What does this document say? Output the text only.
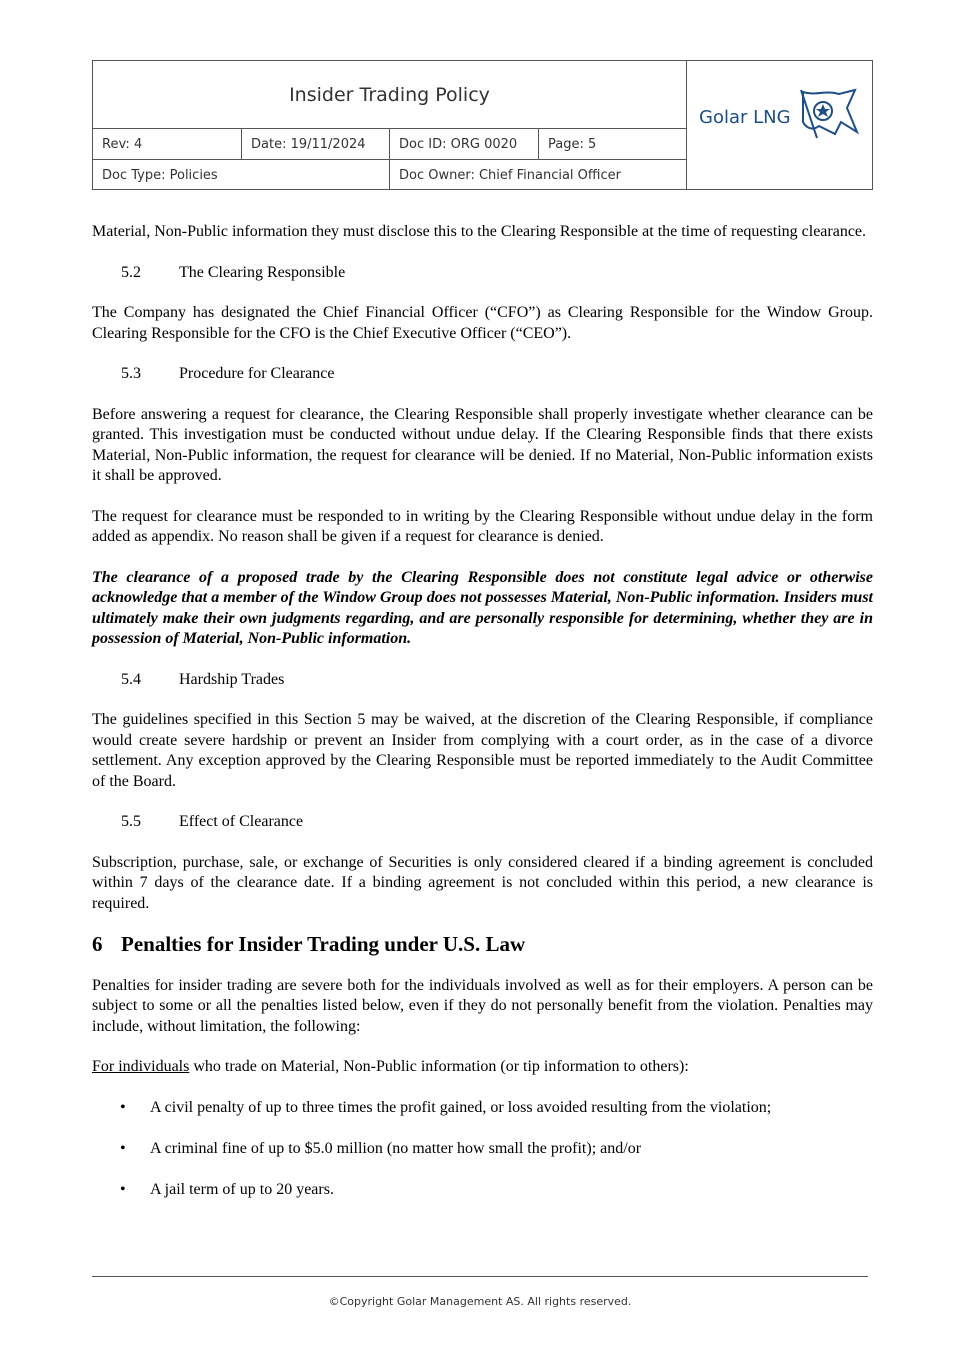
Insider Trading Policy
Rev: 4	Date: 19/11/2024	Doc ID: ORG 0020	Page: 5
Doc Type: Policies	Doc Owner: Chief Financial Officer
Golar LNG

Material, Non-Public information they must disclose this to the Clearing Responsible at the time of requesting clearance.

5.2	The Clearing Responsible

The Company has designated the Chief Financial Officer (“CFO”) as Clearing Responsible for the Window Group. Clearing Responsible for the CFO is the Chief Executive Officer (“CEO”).

5.3	Procedure for Clearance

Before answering a request for clearance, the Clearing Responsible shall properly investigate whether clearance can be granted. This investigation must be conducted without undue delay. If the Clearing Responsible finds that there exists Material, Non-Public information, the request for clearance will be denied. If no Material, Non-Public information exists it shall be approved.

The request for clearance must be responded to in writing by the Clearing Responsible without undue delay in the form added as appendix. No reason shall be given if a request for clearance is denied.

The clearance of a proposed trade by the Clearing Responsible does not constitute legal advice or otherwise acknowledge that a member of the Window Group does not possesses Material, Non-Public information. Insiders must ultimately make their own judgments regarding, and are personally responsible for determining, whether they are in possession of Material, Non-Public information.

5.4	Hardship Trades

The guidelines specified in this Section 5 may be waived, at the discretion of the Clearing Responsible, if compliance would create severe hardship or prevent an Insider from complying with a court order, as in the case of a divorce settlement. Any exception approved by the Clearing Responsible must be reported immediately to the Audit Committee of the Board.

5.5	Effect of Clearance

Subscription, purchase, sale, or exchange of Securities is only considered cleared if a binding agreement is concluded within 7 days of the clearance date. If a binding agreement is not concluded within this period, a new clearance is required.

6 Penalties for Insider Trading under U.S. Law

Penalties for insider trading are severe both for the individuals involved as well as for their employers. A person can be subject to some or all the penalties listed below, even if they do not personally benefit from the violation. Penalties may include, without limitation, the following:

For individuals who trade on Material, Non-Public information (or tip information to others):

•	A civil penalty of up to three times the profit gained, or loss avoided resulting from the violation;
•	A criminal fine of up to $5.0 million (no matter how small the profit); and/or
•	A jail term of up to 20 years.
©Copyright Golar Management AS. All rights reserved.
